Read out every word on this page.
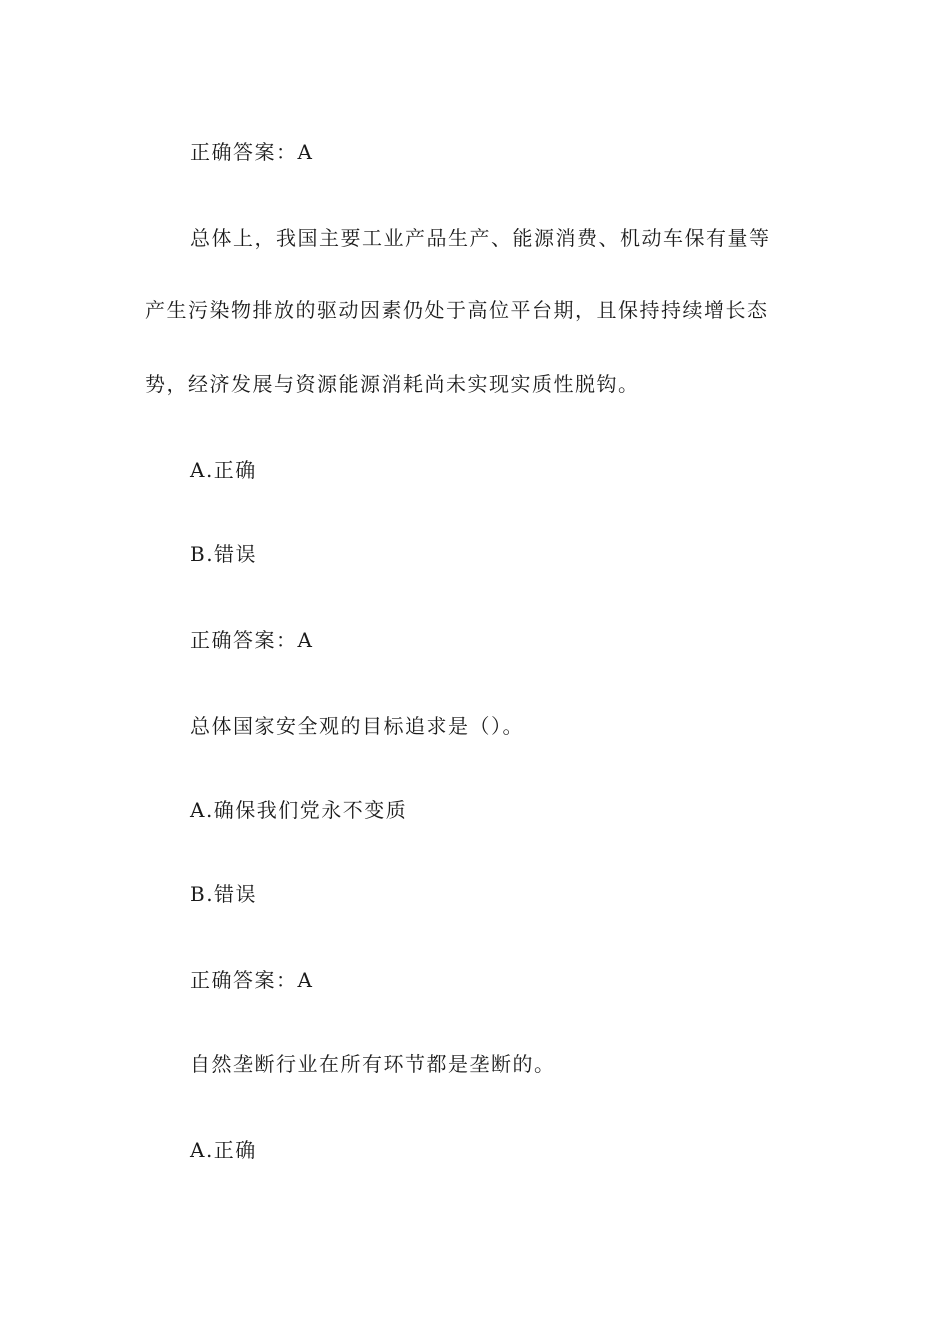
正确答案：A
总体上，我国主要工业产品生产、能源消费、机动车保有量等
产生污染物排放的驱动因素仍处于高位平台期，且保持持续增长态
势，经济发展与资源能源消耗尚未实现实质性脱钩。
A.正确
B.错误
正确答案：A
总体国家安全观的目标追求是（）。
A.确保我们党永不变质
B.错误
正确答案：A
自然垄断行业在所有环节都是垄断的。
A.正确
